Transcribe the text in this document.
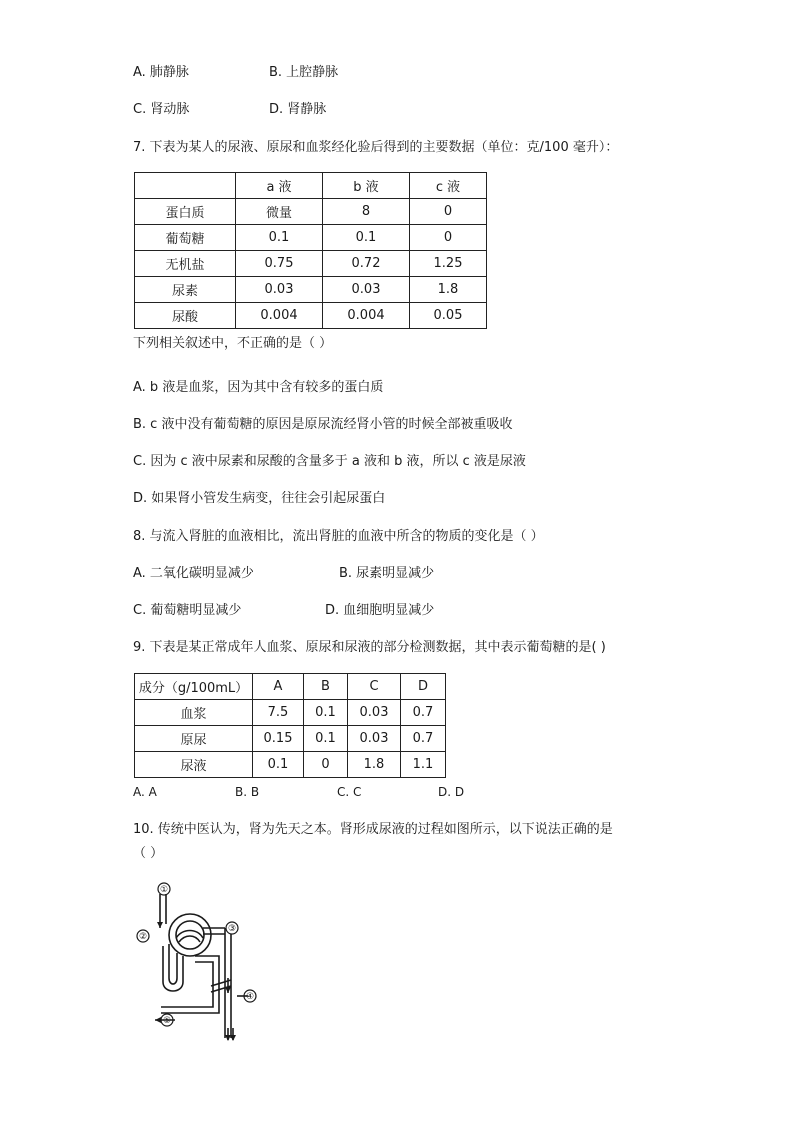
A. 肺静脉	B. 上腔静脉
C. 肾动脉	D. 肾静脉
7. 下表为某人的尿液、原尿和血浆经化验后得到的主要数据（单位：克/100 毫升）：
	a 液	b 液	c 液
蛋白质	微量	8	0
葡萄糖	0.1	0.1	0
无机盐	0.75	0.72	1.25
尿素	0.03	0.03	1.8
尿酸	0.004	0.004	0.05
下列相关叙述中，不正确的是（ ）
A. b 液是血浆，因为其中含有较多的蛋白质
B. c 液中没有葡萄糖的原因是原尿流经肾小管的时候全部被重吸收
C. 因为 c 液中尿素和尿酸的含量多于 a 液和 b 液，所以 c 液是尿液
D. 如果肾小管发生病变，往往会引起尿蛋白
8. 与流入肾脏的血液相比，流出肾脏的血液中所含的物质的变化是（ ）
A. 二氧化碳明显减少	B. 尿素明显减少
C. 葡萄糖明显减少	D. 血细胞明显减少
9. 下表是某正常成年人血浆、原尿和尿液的部分检测数据，其中表示葡萄糖的是( )
成分（g/100mL）	A	B	C	D
血浆	7.5	0.1	0.03	0.7
原尿	0.15	0.1	0.03	0.7
尿液	0.1	0	1.8	1.1
A. A	B. B	C. C	D. D
10. 传统中医认为，肾为先天之本。肾形成尿液的过程如图所示，以下说法正确的是
（ ）
①
②
③
④
⑤
